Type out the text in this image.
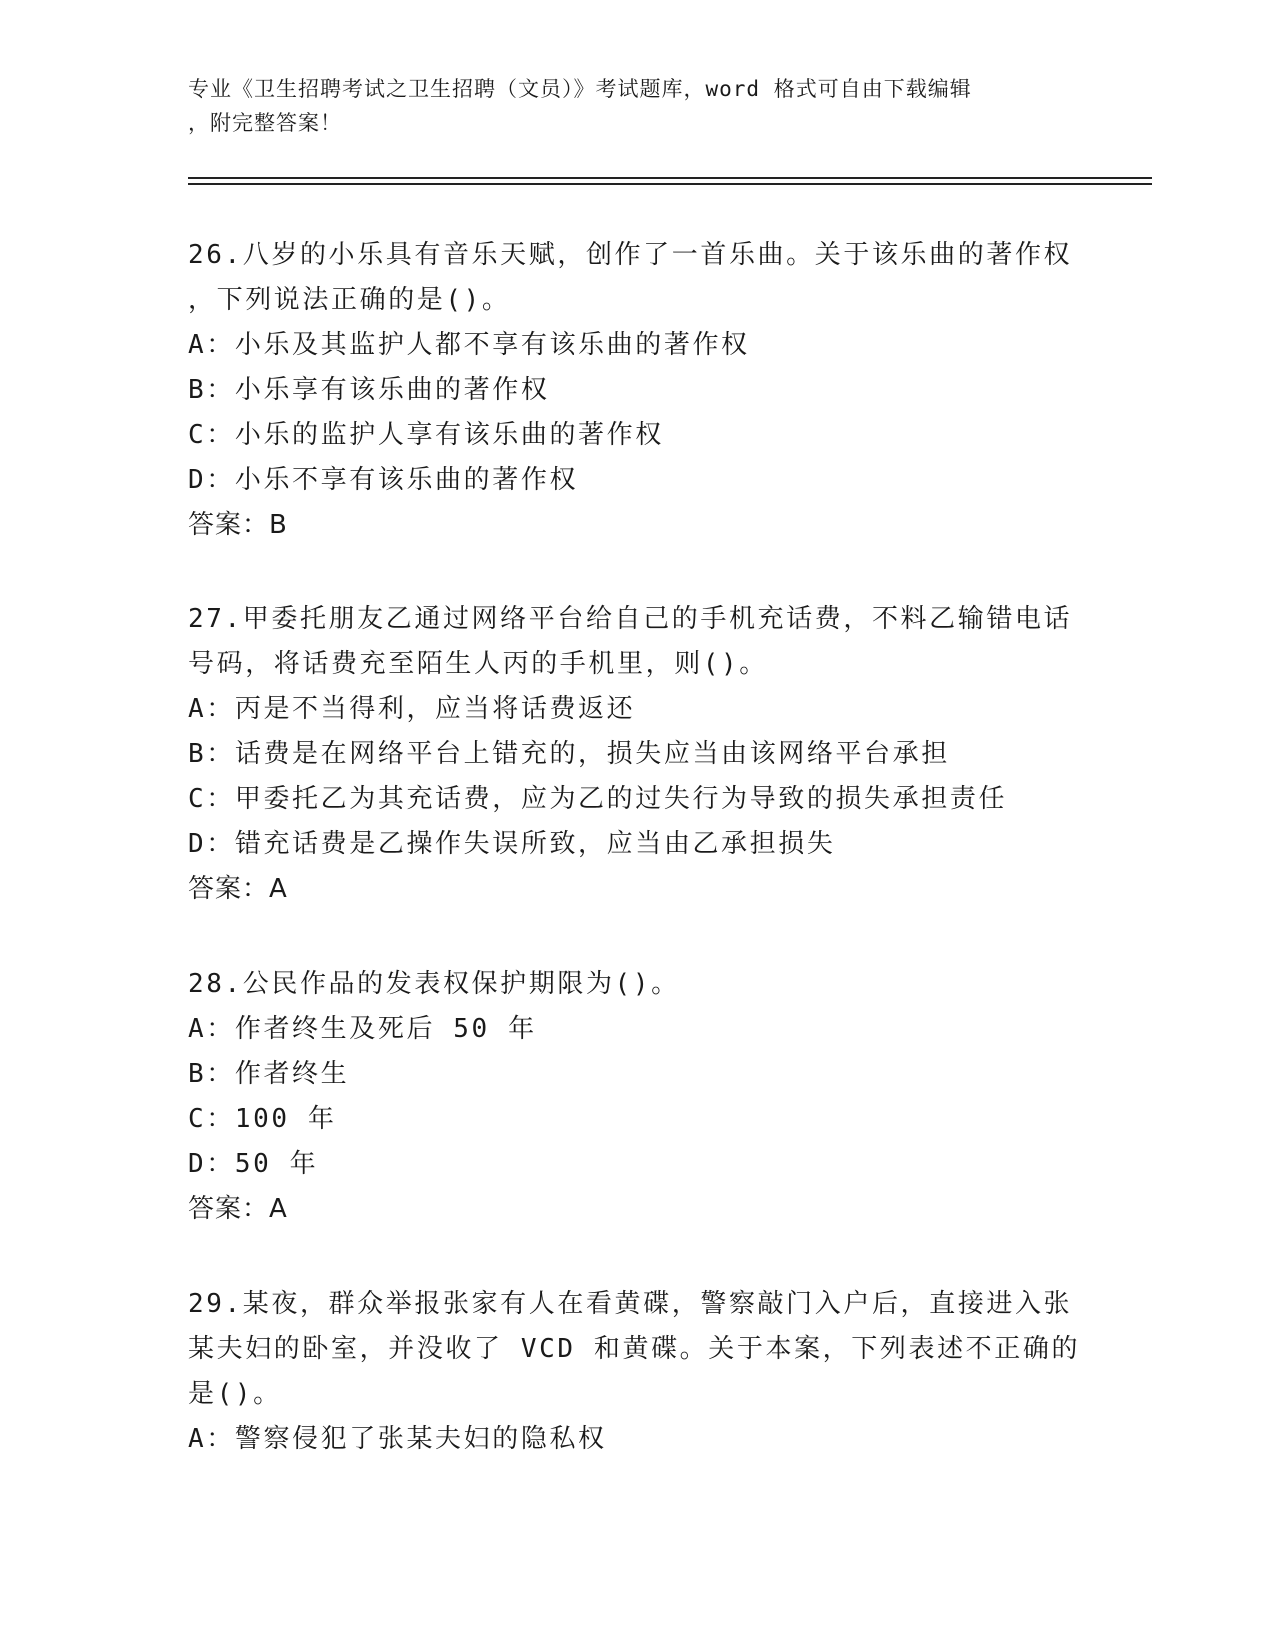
专业《卫生招聘考试之卫生招聘（文员）》考试题库，word 格式可自由下载编辑
，附完整答案！

26.八岁的小乐具有音乐天赋，创作了一首乐曲。关于该乐曲的著作权

，下列说法正确的是()。

A：小乐及其监护人都不享有该乐曲的著作权

B：小乐享有该乐曲的著作权

C：小乐的监护人享有该乐曲的著作权

D：小乐不享有该乐曲的著作权

答案：B

27.甲委托朋友乙通过网络平台给自己的手机充话费，不料乙输错电话

号码，将话费充至陌生人丙的手机里，则()。

A：丙是不当得利，应当将话费返还

B：话费是在网络平台上错充的，损失应当由该网络平台承担

C：甲委托乙为其充话费，应为乙的过失行为导致的损失承担责任

D：错充话费是乙操作失误所致，应当由乙承担损失

答案：A

28.公民作品的发表权保护期限为()。

A：作者终生及死后 50 年

B：作者终生

C：100 年

D：50 年

答案：A

29.某夜，群众举报张家有人在看黄碟，警察敲门入户后，直接进入张

某夫妇的卧室，并没收了 VCD 和黄碟。关于本案，下列表述不正确的

是()。

A：警察侵犯了张某夫妇的隐私权
